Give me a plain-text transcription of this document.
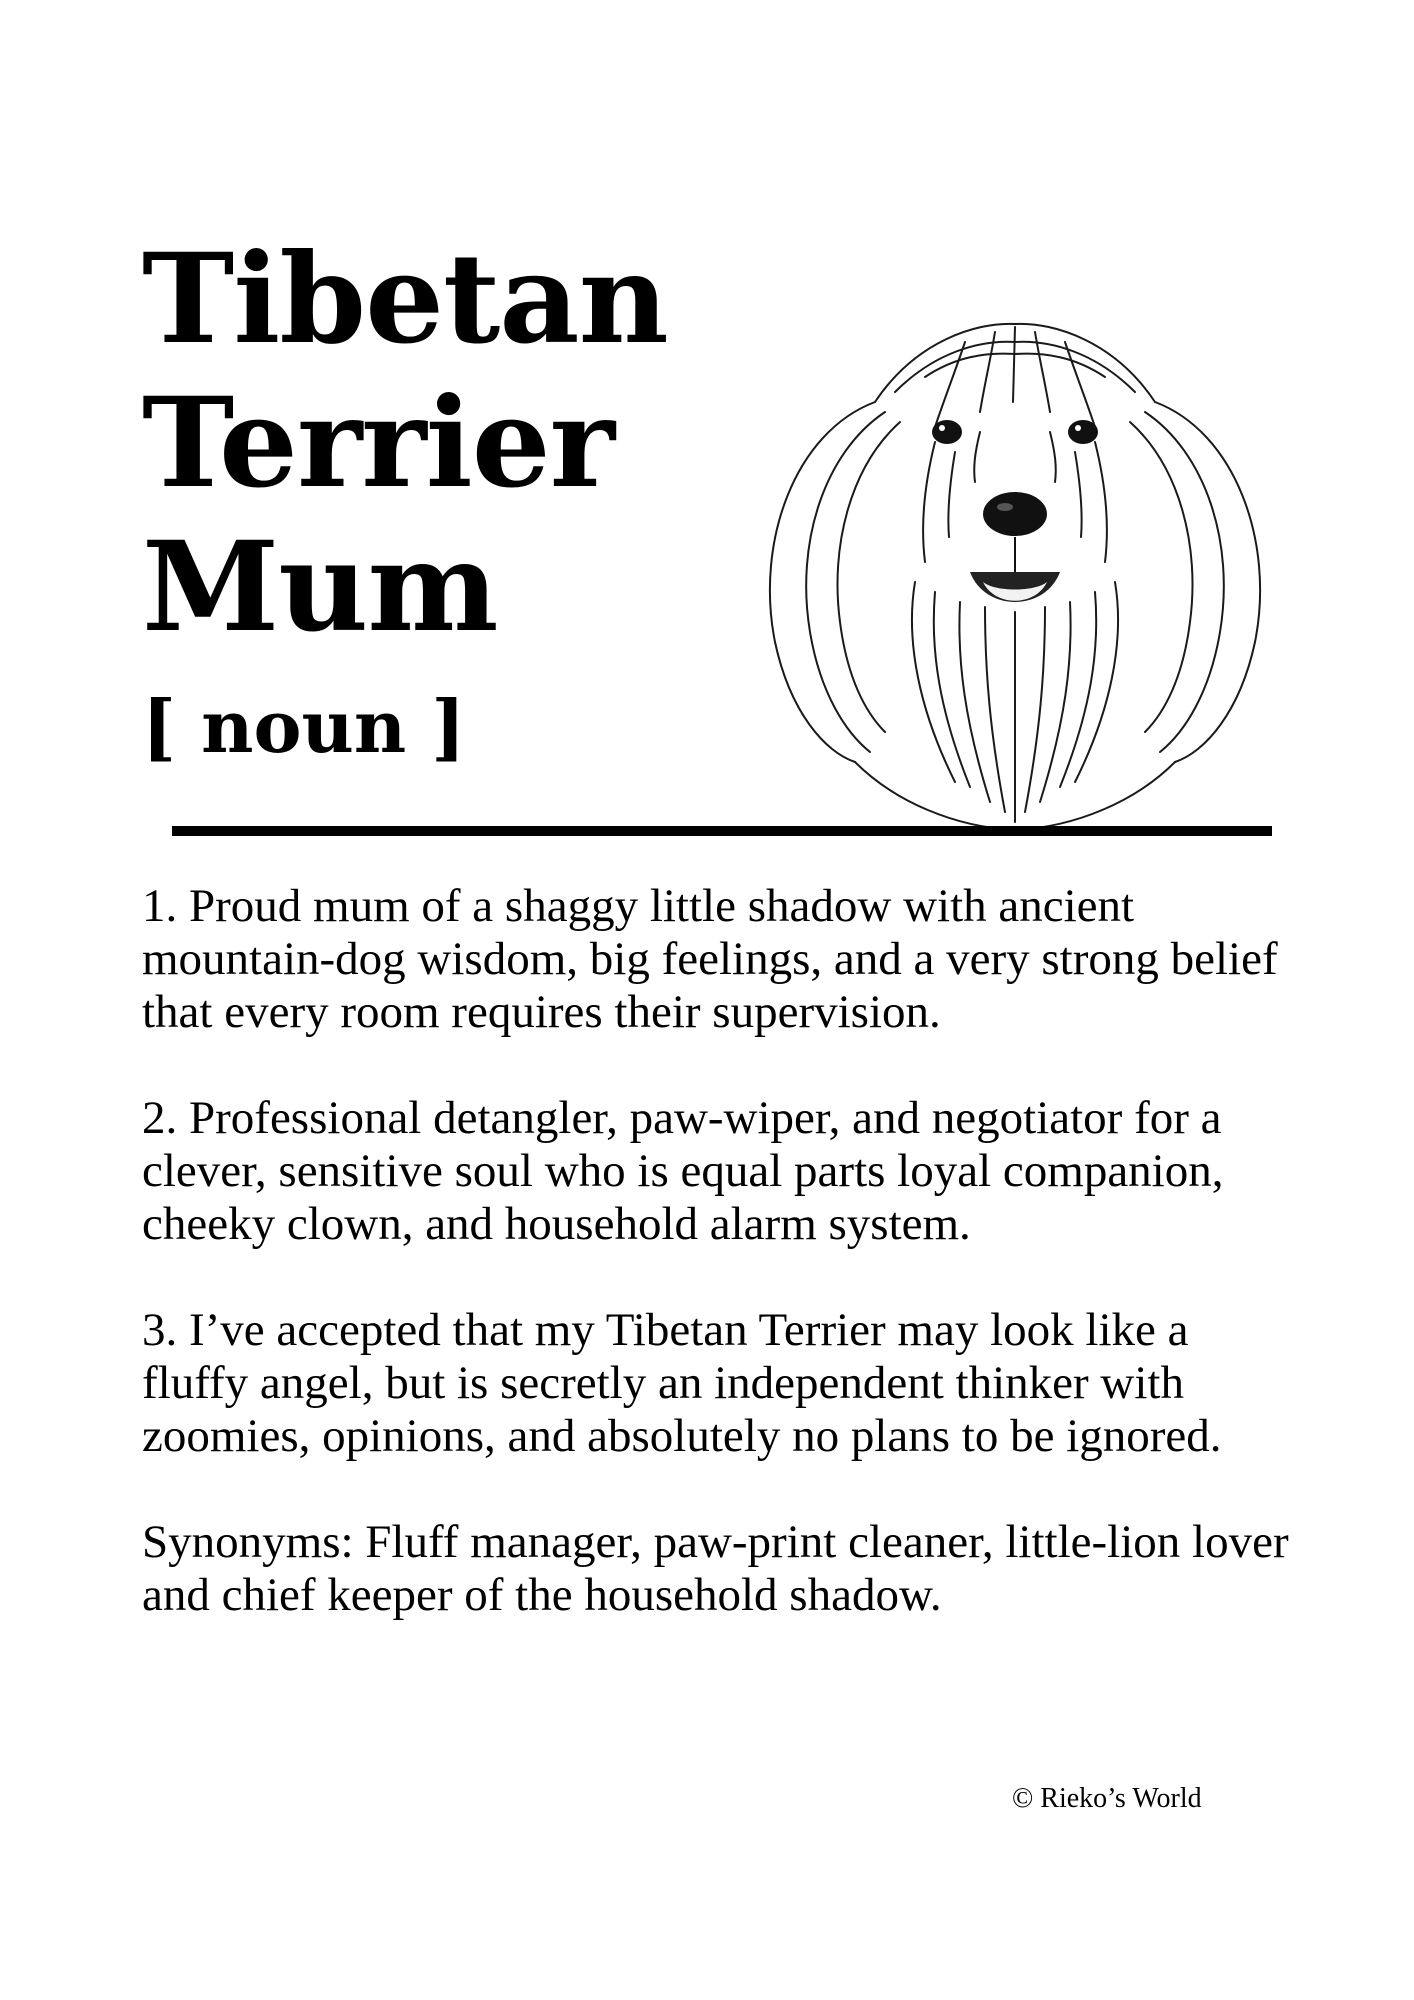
Tibetan
Terrier
Mum
[ noun ]

1. Proud mum of a shaggy little shadow with ancient mountain-dog wisdom, big feelings, and a very strong belief that every room requires their supervision.

2. Professional detangler, paw-wiper, and negotiator for a clever, sensitive soul who is equal parts loyal companion, cheeky clown, and household alarm system.

3. I’ve accepted that my Tibetan Terrier may look like a fluffy angel, but is secretly an independent thinker with zoomies, opinions, and absolutely no plans to be ignored.

Synonyms: Fluff manager, paw-print cleaner, little-lion lover and chief keeper of the household shadow.

© Rieko’s World
